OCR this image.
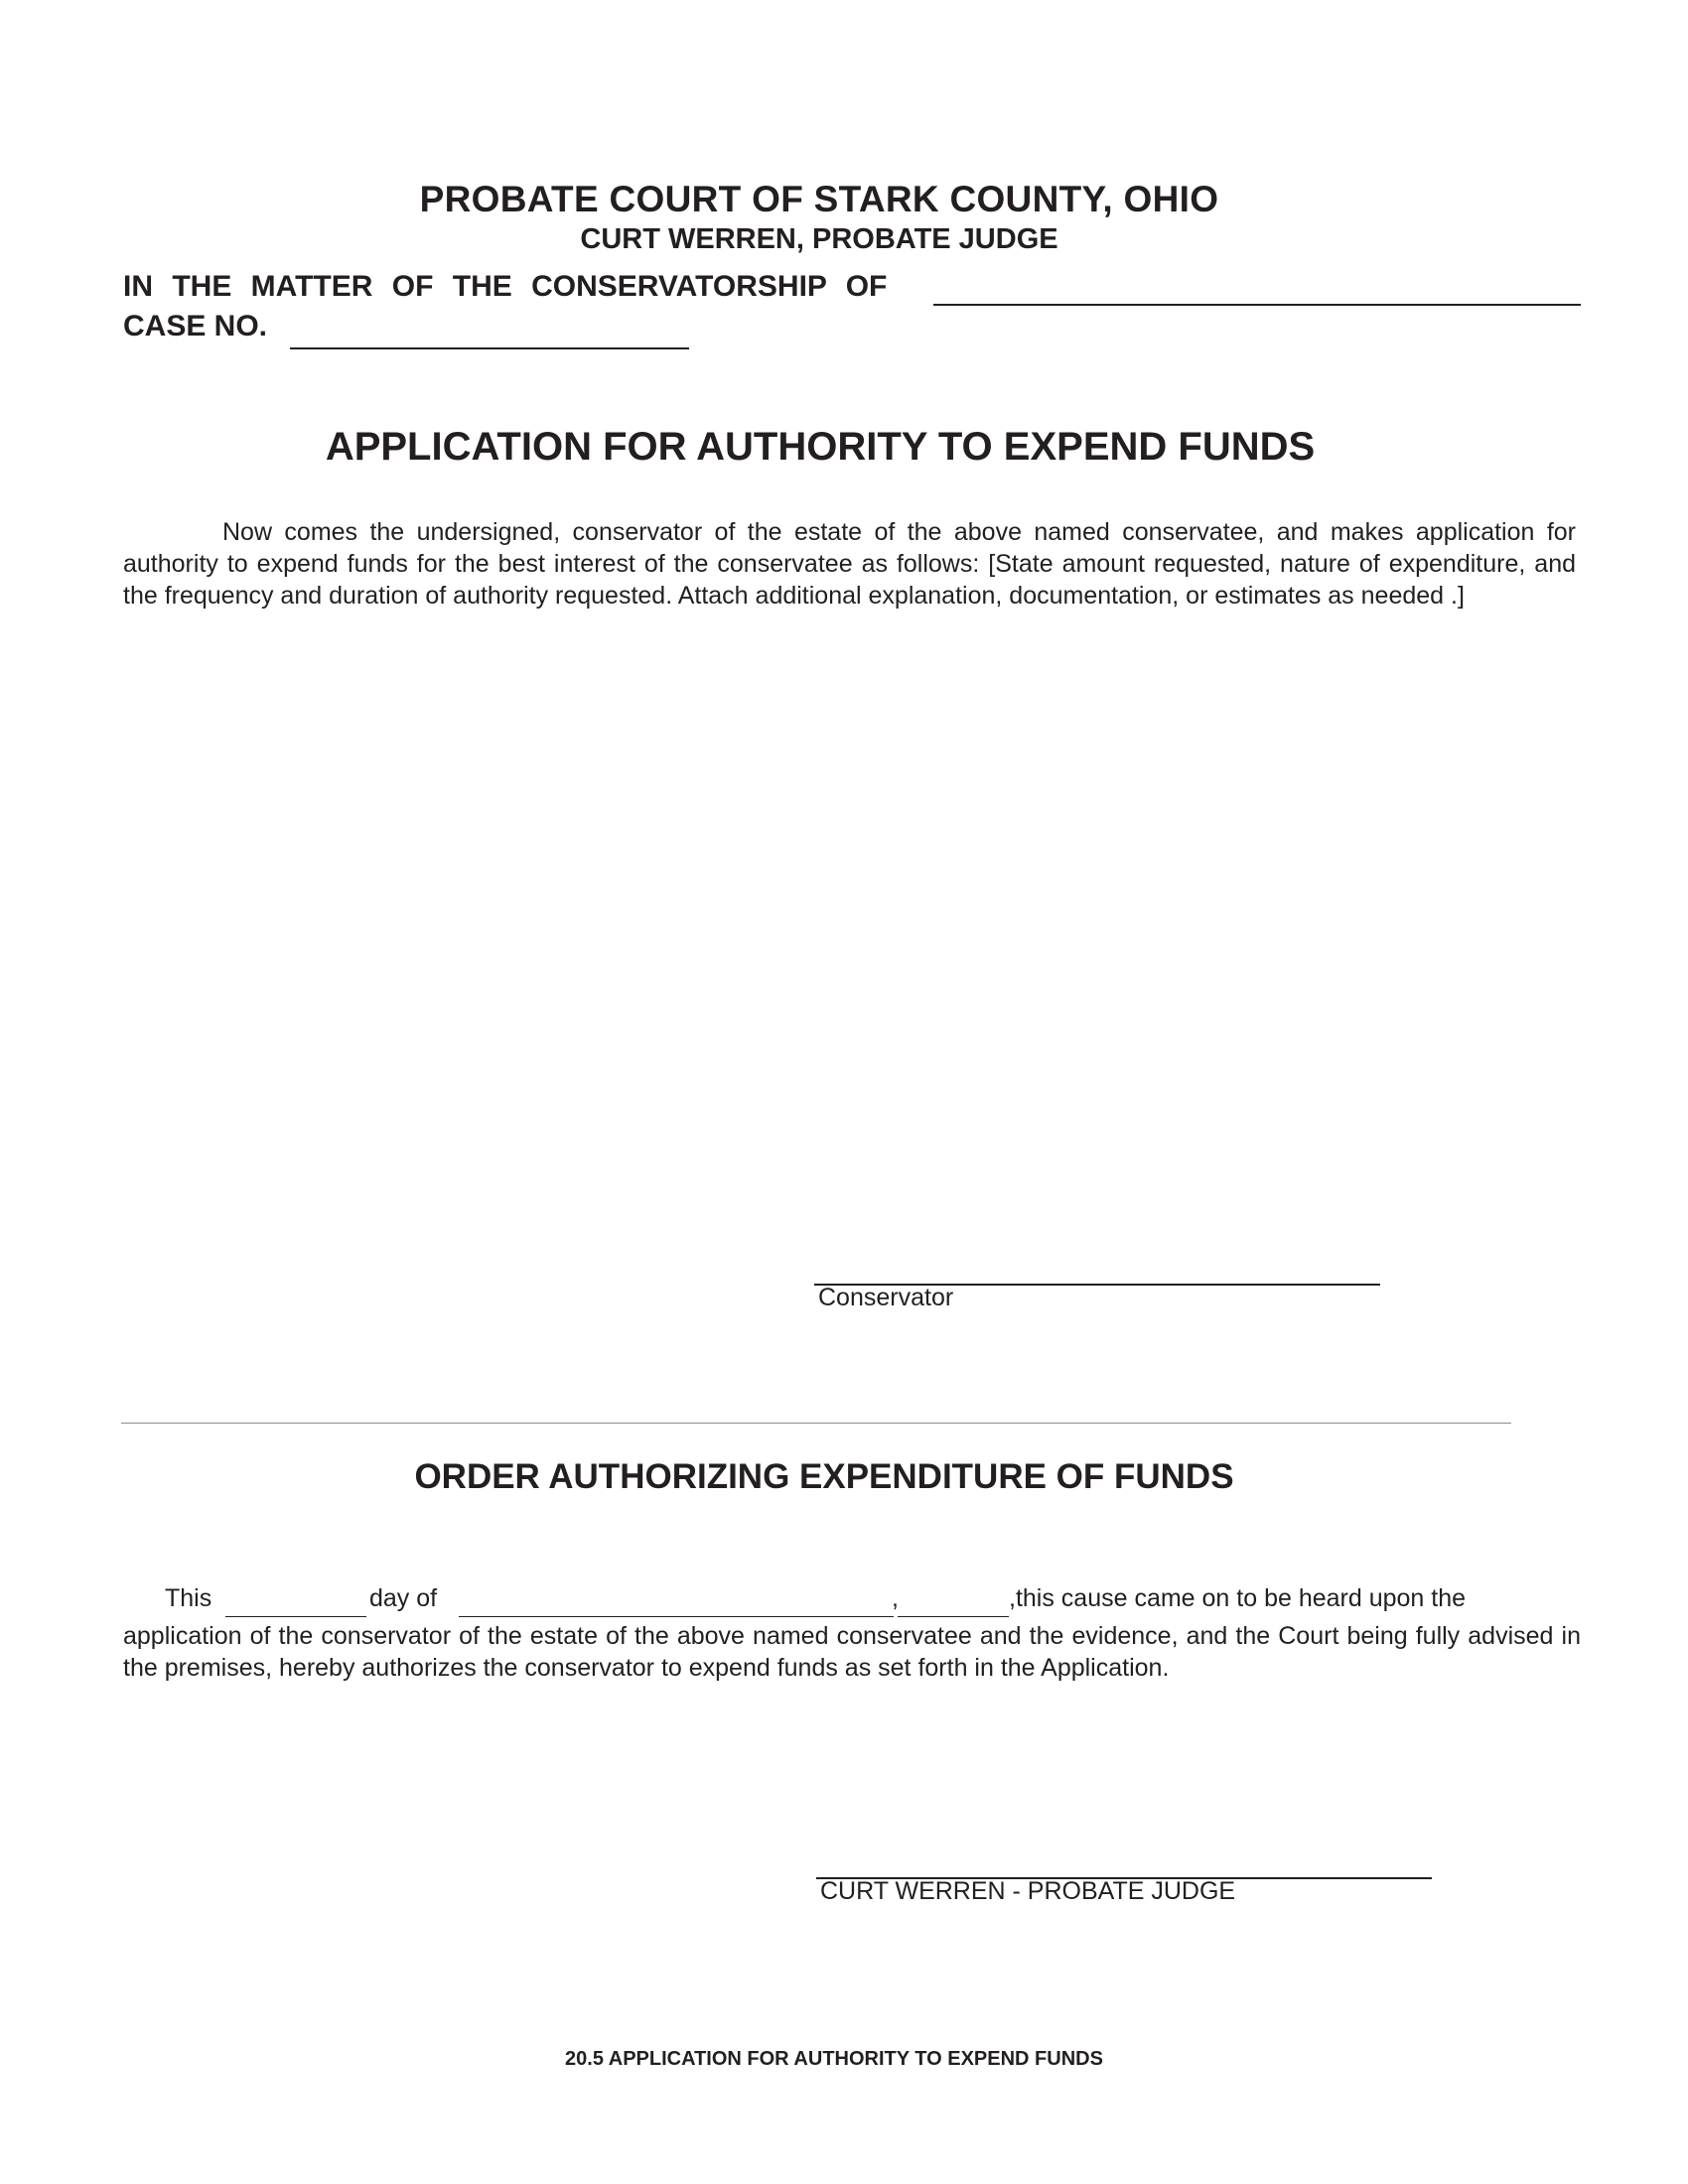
PROBATE COURT OF STARK COUNTY, OHIO
CURT WERREN, PROBATE JUDGE
IN THE MATTER OF THE CONSERVATORSHIP OF
CASE NO.
APPLICATION FOR AUTHORITY TO EXPEND FUNDS
Now comes the undersigned, conservator of the estate of the above named conservatee, and makes application for authority to expend funds for the best interest of the conservatee as follows: [State amount requested, nature of expenditure, and the frequency and duration of authority requested. Attach additional explanation, documentation, or estimates as needed .]
Conservator
ORDER AUTHORIZING EXPENDITURE OF FUNDS
This	day of	,	,this cause came on to be heard upon the
application of the conservator of the estate of the above named conservatee and the evidence, and the Court being fully advised in the premises, hereby authorizes the conservator to expend funds as set forth in the Application.
CURT WERREN - PROBATE JUDGE
20.5 APPLICATION FOR AUTHORITY TO EXPEND FUNDS
